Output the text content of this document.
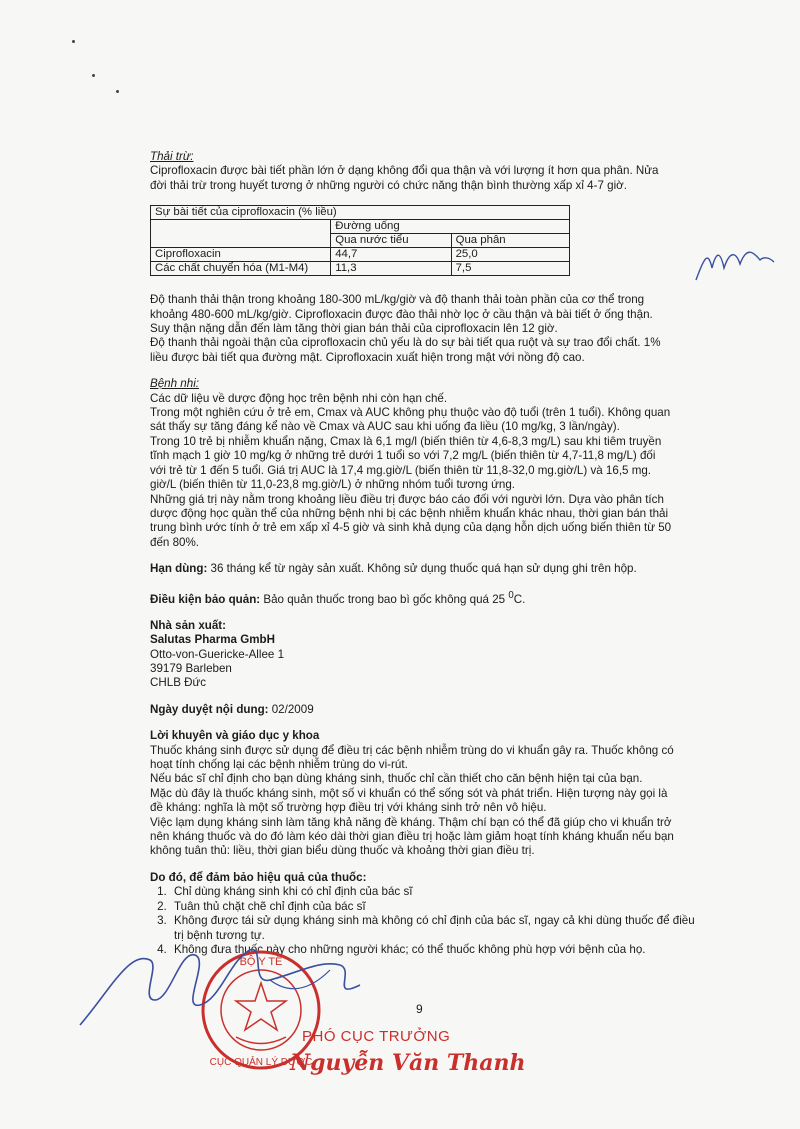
Thải trừ:

Ciprofloxacin được bài tiết phần lớn ở dạng không đổi qua thận và với lượng ít hơn qua phân. Nửa

đời thải trừ trong huyết tương ở những người có chức năng thận bình thường xấp xỉ 4-7 giờ.

Sự bài tiết của ciprofloxacin (% liều)		
	Đường uống	
	Qua nước tiểu	Qua phân
Ciprofloxacin	44,7	25,0
Các chất chuyển hóa (M1-M4)	11,3	7,5

Độ thanh thải thận trong khoảng 180-300 mL/kg/giờ và độ thanh thải toàn phần của cơ thể trong

khoảng 480-600 mL/kg/giờ. Ciprofloxacin được đào thải nhờ lọc ở cầu thận và bài tiết ở ống thận.

Suy thận nặng dẫn đến làm tăng thời gian bán thải của ciprofloxacin lên 12 giờ.

Độ thanh thải ngoài thận của ciprofloxacin chủ yếu là do sự bài tiết qua ruột và sự trao đổi chất. 1%

liều được bài tiết qua đường mật. Ciprofloxacin xuất hiện trong mật với nồng độ cao.

Bệnh nhi:

Các dữ liệu về dược động học trên bệnh nhi còn hạn chế.

Trong một nghiên cứu ở trẻ em, Cmax và AUC không phụ thuộc vào độ tuổi (trên 1 tuổi). Không quan

sát thấy sự tăng đáng kể nào về Cmax và AUC sau khi uống đa liều (10 mg/kg, 3 lần/ngày).

Trong 10 trẻ bị nhiễm khuẩn nặng, Cmax là 6,1 mg/l (biến thiên từ 4,6-8,3 mg/L) sau khi tiêm truyền

tĩnh mạch 1 giờ 10 mg/kg ở những trẻ dưới 1 tuổi so với 7,2 mg/L (biến thiên từ 4,7-11,8 mg/L) đối

với trẻ từ 1 đến 5 tuổi. Giá trị AUC là 17,4 mg.giờ/L (biến thiên từ 11,8-32,0 mg.giờ/L) và 16,5 mg.

giờ/L (biến thiên từ 11,0-23,8 mg.giờ/L) ở những nhóm tuổi tương ứng.

Những giá trị này nằm trong khoảng liều điều trị được báo cáo đối với người lớn. Dựa vào phân tích

dược động học quần thể của những bệnh nhi bị các bệnh nhiễm khuẩn khác nhau, thời gian bán thải

trung bình ước tính ở trẻ em xấp xỉ 4-5 giờ và sinh khả dụng của dạng hỗn dịch uống biến thiên từ 50

đến 80%.

Hạn dùng: 36 tháng kể từ ngày sản xuất. Không sử dụng thuốc quá hạn sử dụng ghi trên hộp.

Điều kiện bảo quản: Bảo quản thuốc trong bao bì gốc không quá 25 $^0$C.

Nhà sản xuất:

Salutas Pharma GmbH

Otto-von-Guericke-Allee 1

39179 Barleben

CHLB Đức

Ngày duyệt nội dung: 02/2009

Lời khuyên và giáo dục y khoa

Thuốc kháng sinh được sử dụng để điều trị các bệnh nhiễm trùng do vi khuẩn gây ra. Thuốc không có

hoạt tính chống lại các bệnh nhiễm trùng do vi-rút.

Nếu bác sĩ chỉ định cho bạn dùng kháng sinh, thuốc chỉ cần thiết cho căn bệnh hiện tại của bạn.

Mặc dù đây là thuốc kháng sinh, một số vi khuẩn có thể sống sót và phát triển. Hiện tượng này gọi là

đề kháng: nghĩa là một số trường hợp điều trị với kháng sinh trở nên vô hiệu.

Việc lạm dụng kháng sinh làm tăng khả năng đề kháng. Thậm chí bạn có thể đã giúp cho vi khuẩn trở

nên kháng thuốc và do đó làm kéo dài thời gian điều trị hoặc làm giảm hoạt tính kháng khuẩn nếu bạn

không tuân thủ: liều, thời gian biểu dùng thuốc và khoảng thời gian điều trị.

Do đó, để đảm bảo hiệu quả của thuốc:

1. Chỉ dùng kháng sinh khi có chỉ định của bác sĩ
2. Tuân thủ chặt chẽ chỉ định của bác sĩ
3. Không được tái sử dụng kháng sinh mà không có chỉ định của bác sĩ, ngay cả khi dùng thuốc để điều trị bệnh tương tự.
4. Không đưa thuốc này cho những người khác; có thể thuốc không phù hợp với bệnh của họ.
BỘ Y TẾ
CỤC QUẢN LÝ DƯỢC
9
PHÓ CỤC TRƯỞNG
Nguyễn Văn Thanh
